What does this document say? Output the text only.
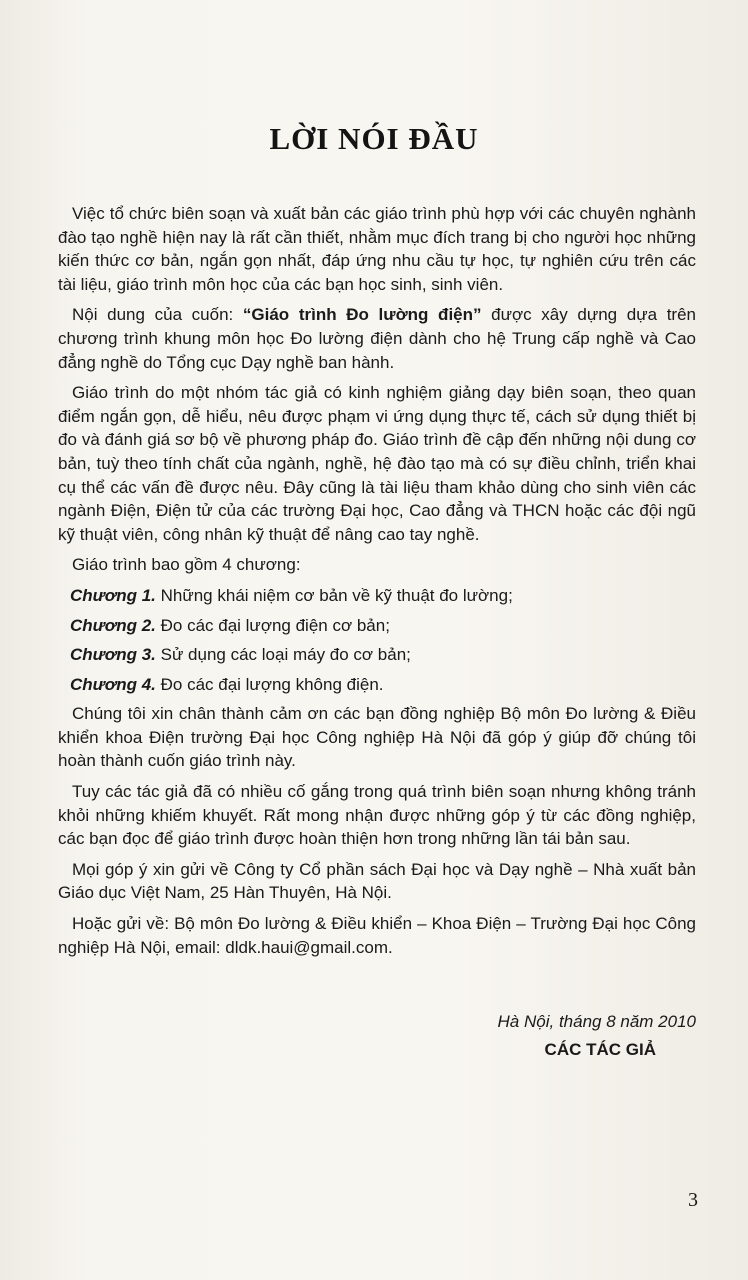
LỜI NÓI ĐẦU

Việc tổ chức biên soạn và xuất bản các giáo trình phù hợp với các chuyên nghành đào tạo nghề hiện nay là rất cần thiết, nhằm mục đích trang bị cho người học những kiến thức cơ bản, ngắn gọn nhất, đáp ứng nhu cầu tự học, tự nghiên cứu trên các tài liệu, giáo trình môn học của các bạn học sinh, sinh viên.

Nội dung của cuốn: “Giáo trình Đo lường điện” được xây dựng dựa trên chương trình khung môn học Đo lường điện dành cho hệ Trung cấp nghề và Cao đẳng nghề do Tổng cục Dạy nghề ban hành.

Giáo trình do một nhóm tác giả có kinh nghiệm giảng dạy biên soạn, theo quan điểm ngắn gọn, dễ hiểu, nêu được phạm vi ứng dụng thực tế, cách sử dụng thiết bị đo và đánh giá sơ bộ về phương pháp đo. Giáo trình đề cập đến những nội dung cơ bản, tuỳ theo tính chất của ngành, nghề, hệ đào tạo mà có sự điều chỉnh, triển khai cụ thể các vấn đề được nêu. Đây cũng là tài liệu tham khảo dùng cho sinh viên các ngành Điện, Điện tử của các trường Đại học, Cao đẳng và THCN hoặc các đội ngũ kỹ thuật viên, công nhân kỹ thuật để nâng cao tay nghề.

Giáo trình bao gồm 4 chương:

Chương 1. Những khái niệm cơ bản về kỹ thuật đo lường;

Chương 2. Đo các đại lượng điện cơ bản;

Chương 3. Sử dụng các loại máy đo cơ bản;

Chương 4. Đo các đại lượng không điện.

Chúng tôi xin chân thành cảm ơn các bạn đồng nghiệp Bộ môn Đo lường & Điều khiển khoa Điện trường Đại học Công nghiệp Hà Nội đã góp ý giúp đỡ chúng tôi hoàn thành cuốn giáo trình này.

Tuy các tác giả đã có nhiều cố gắng trong quá trình biên soạn nhưng không tránh khỏi những khiếm khuyết. Rất mong nhận được những góp ý từ các đồng nghiệp, các bạn đọc để giáo trình được hoàn thiện hơn trong những lần tái bản sau.

Mọi góp ý xin gửi về Công ty Cổ phần sách Đại học và Dạy nghề – Nhà xuất bản Giáo dục Việt Nam, 25 Hàn Thuyên, Hà Nội.

Hoặc gửi về: Bộ môn Đo lường & Điều khiển – Khoa Điện – Trường Đại học Công nghiệp Hà Nội, email: dldk.haui@gmail.com.

Hà Nội, tháng 8 năm 2010
CÁC TÁC GIẢ
3
